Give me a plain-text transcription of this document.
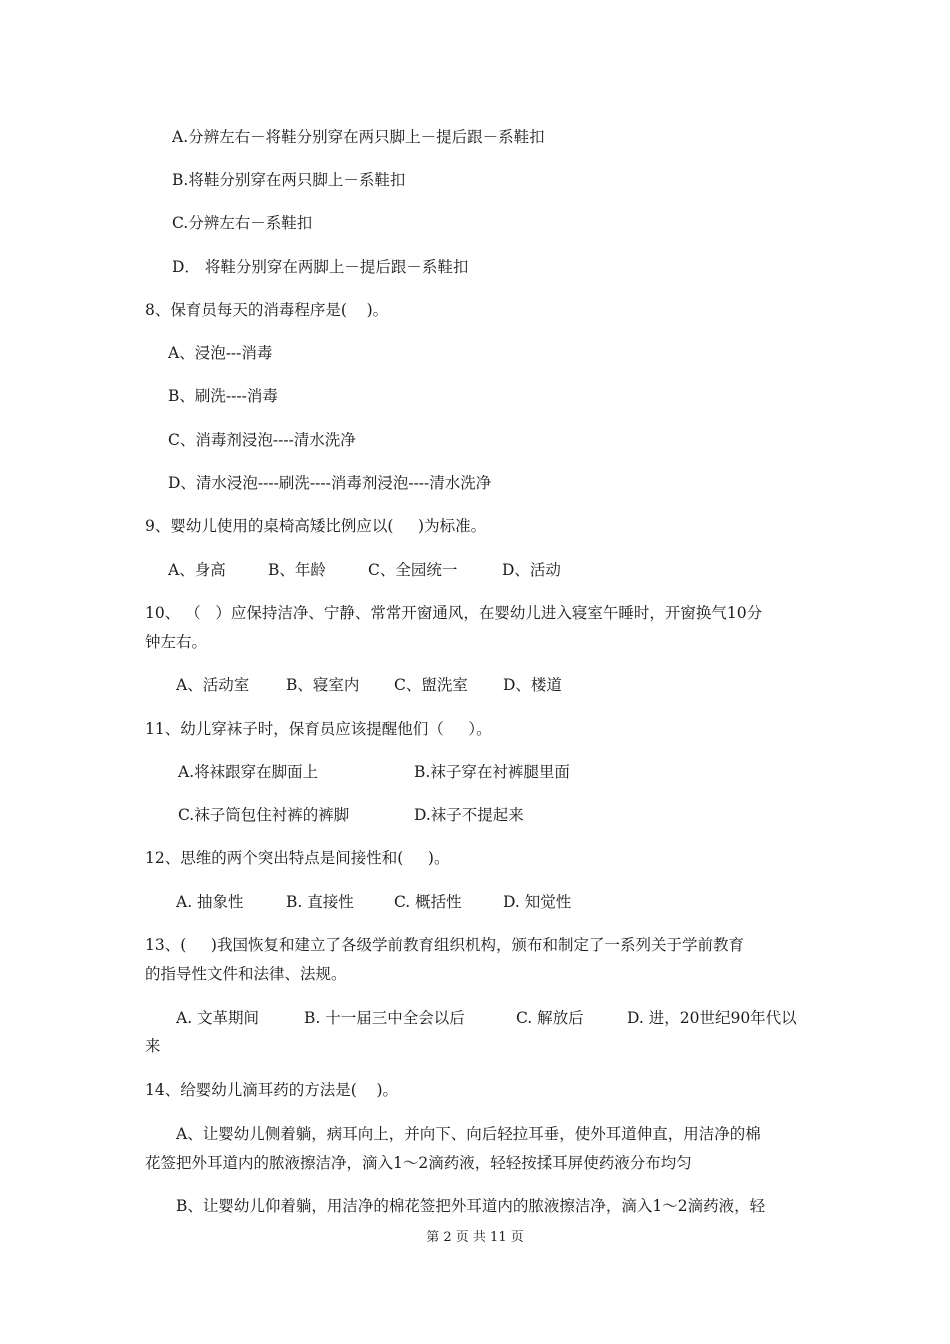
A.分辨左右－将鞋分别穿在两只脚上－提后跟－系鞋扣
B.将鞋分别穿在两只脚上－系鞋扣
C.分辨左右－系鞋扣
D． 将鞋分别穿在两脚上－提后跟－系鞋扣
8、保育员每天的消毒程序是(    )。
A、浸泡---消毒
B、刷洗----消毒
C、消毒剂浸泡----清水洗净
D、清水浸泡----刷洗----消毒剂浸泡----清水洗净
9、婴幼儿使用的桌椅高矮比例应以(     )为标准。

A、身高

	B、年龄

	C、全园统一

	D、活动

10、 （   ）应保持洁净、宁静、常常开窗通风，在婴幼儿进入寝室午睡时，开窗换气10分
钟左右。

A、活动室

B、寝室内

C、盥洗室

D、楼道

11、幼儿穿袜子时，保育员应该提醒他们（     ）。

A.将袜跟穿在脚面上

	B.袜子穿在衬裤腿里面

C.袜子筒包住衬裤的裤脚

	D.袜子不提起来

12、思维的两个突出特点是间接性和(     )。

A. 抽象性

	B. 直接性

	C. 概括性

	D. 知觉性

13、(     )我国恢复和建立了各级学前教育组织机构，颁布和制定了一系列关于学前教育
的指导性文件和法律、法规。

A. 文革期间

	B. 十一届三中全会以后

	C. 解放后

	D. 进，20世纪90年代以

来
14、给婴幼儿滴耳药的方法是(    )。
A、让婴幼儿侧着躺，病耳向上，并向下、向后轻拉耳垂，使外耳道伸直，用洁净的棉
花签把外耳道内的脓液擦洁净，滴入1～2滴药液，轻轻按揉耳屏使药液分布均匀
B、让婴幼儿仰着躺，用洁净的棉花签把外耳道内的脓液擦洁净，滴入1～2滴药液，轻
第 2 页 共 11 页
